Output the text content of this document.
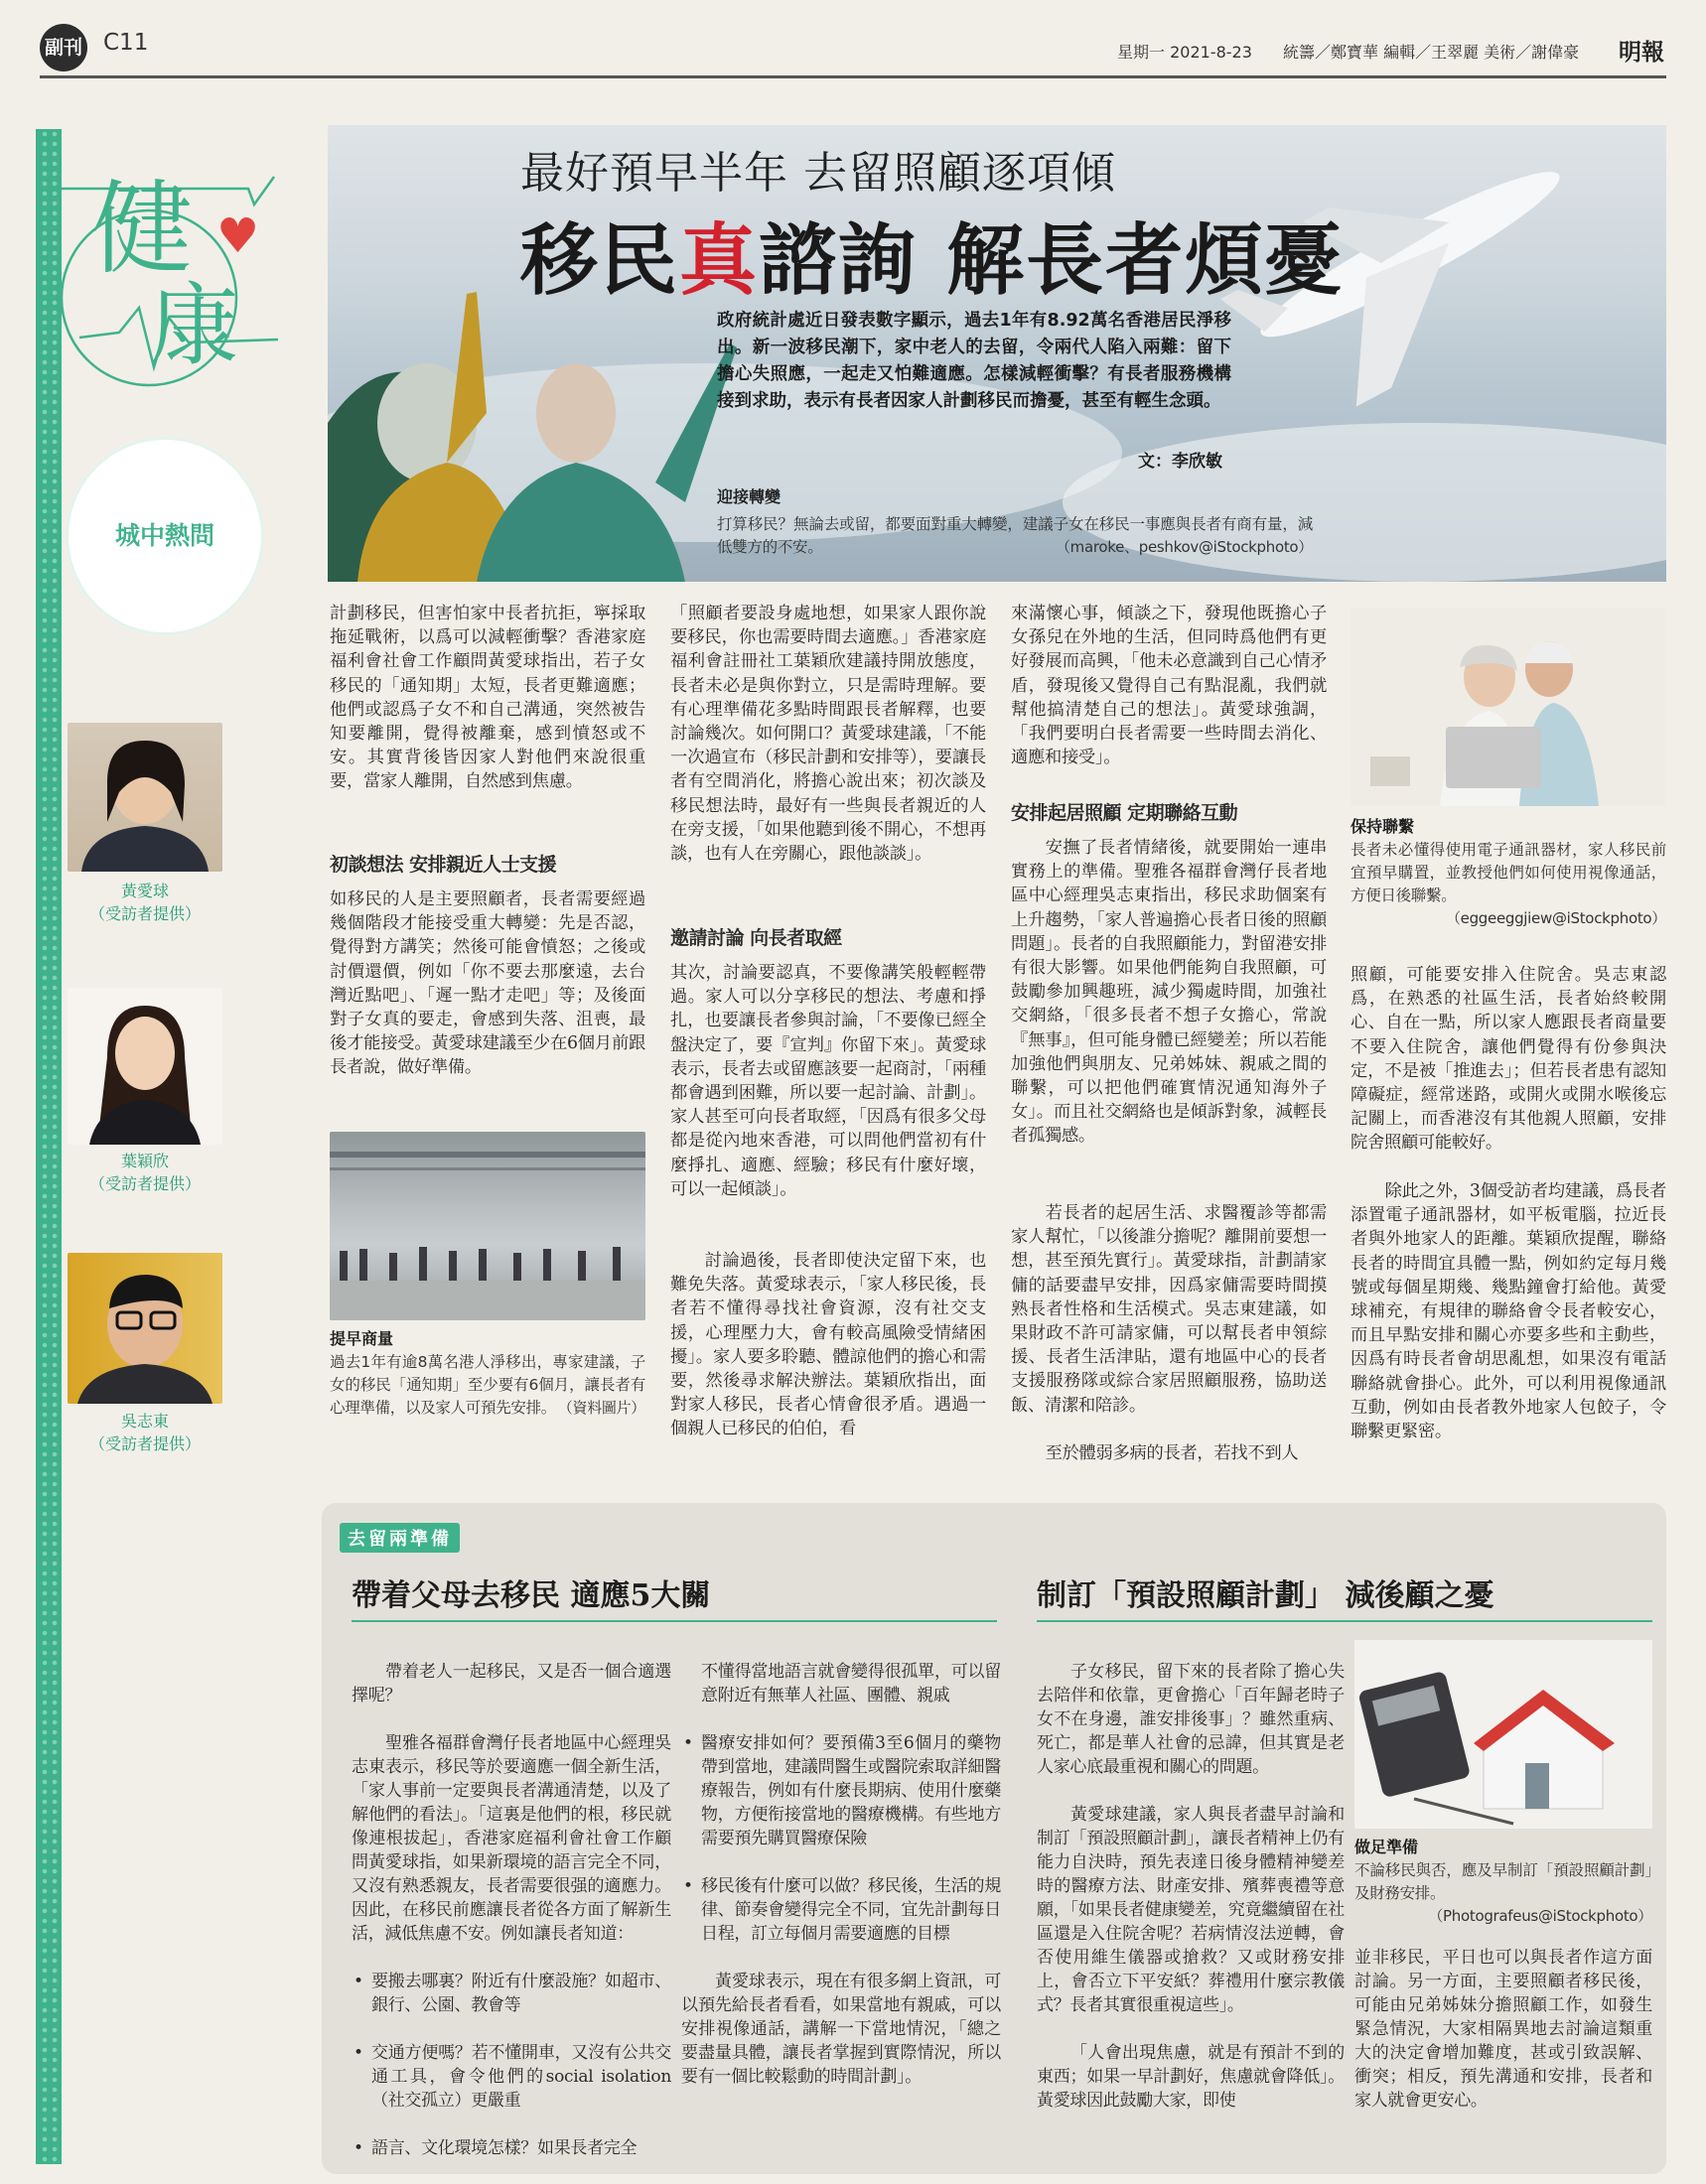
副刊 C11	星期一 2021-8-23 統籌／鄭寶華 編輯／王翠麗 美術／謝偉豪 明報
健 ♥
康
城中熱問
黃愛球
（受訪者提供）
葉穎欣
（受訪者提供）
吳志東
（受訪者提供）
最好預早半年 去留照顧逐項傾
移民真諮詢 解長者煩憂
政府統計處近日發表數字顯示，過去1年有8.92萬名香港居民淨移出。新一波移民潮下，家中老人的去留，令兩代人陷入兩難：留下擔心失照應，一起走又怕難適應。怎樣減輕衝擊？有長者服務機構接到求助，表示有長者因家人計劃移民而擔憂，甚至有輕生念頭。
文：李欣敏
迎接轉變
打算移民？無論去或留，都要面對重大轉變，建議子女在移民一事應與長者有商有量，減低雙方的不安。	（maroke、peshkov@iStockphoto）
計劃移民，但害怕家中長者抗拒，寧採取拖延戰術，以爲可以減輕衝擊？香港家庭福利會社會工作顧問黃愛球指出，若子女移民的「通知期」太短，長者更難適應；他們或認爲子女不和自己溝通，突然被告知要離開，覺得被離棄，感到憤怒或不安。其實背後皆因家人對他們來說很重要，當家人離開，自然感到焦慮。
初談想法 安排親近人士支援
如移民的人是主要照顧者，長者需要經過幾個階段才能接受重大轉變：先是否認，覺得對方講笑；然後可能會憤怒；之後或討價還價，例如「你不要去那麼遠，去台灣近點吧」、「遲一點才走吧」等；及後面對子女真的要走，會感到失落、沮喪，最後才能接受。黃愛球建議至少在6個月前跟長者說，做好準備。
提早商量
過去1年有逾8萬名港人淨移出，專家建議，子女的移民「通知期」至少要有6個月，讓長者有心理準備，以及家人可預先安排。 （資料圖片）
「照顧者要設身處地想，如果家人跟你說要移民，你也需要時間去適應。」香港家庭福利會註冊社工葉穎欣建議持開放態度，長者未必是與你對立，只是需時理解。要有心理準備花多點時間跟長者解釋，也要討論幾次。如何開口？黃愛球建議，「不能一次過宣布（移民計劃和安排等），要讓長者有空間消化，將擔心說出來；初次談及移民想法時，最好有一些與長者親近的人在旁支援，「如果他聽到後不開心，不想再談，也有人在旁關心，跟他談談」。
邀請討論 向長者取經
其次，討論要認真，不要像講笑般輕輕帶過。家人可以分享移民的想法、考慮和掙扎，也要讓長者參與討論，「不要像已經全盤決定了，要『宣判』你留下來」。黃愛球表示，長者去或留應該要一起商討，「兩種都會遇到困難，所以要一起討論、計劃」。家人甚至可向長者取經，「因爲有很多父母都是從內地來香港，可以問他們當初有什麼掙扎、適應、經驗；移民有什麼好壞，可以一起傾談」。
討論過後，長者即使決定留下來，也難免失落。黃愛球表示，「家人移民後，長者若不懂得尋找社會資源，沒有社交支援，心理壓力大，會有較高風險受情緒困擾」。家人要多聆聽、體諒他們的擔心和需要，然後尋求解決辦法。葉穎欣指出，面對家人移民，長者心情會很矛盾。遇過一個親人已移民的伯伯，看
來滿懷心事，傾談之下，發現他既擔心子女孫兒在外地的生活，但同時爲他們有更好發展而高興，「他未必意識到自己心情矛盾，發現後又覺得自己有點混亂，我們就幫他搞清楚自己的想法」。黃愛球強調，「我們要明白長者需要一些時間去消化、適應和接受」。
安排起居照顧 定期聯絡互動
安撫了長者情緒後，就要開始一連串實務上的準備。聖雅各福群會灣仔長者地區中心經理吳志東指出，移民求助個案有上升趨勢，「家人普遍擔心長者日後的照顧問題」。長者的自我照顧能力，對留港安排有很大影響。如果他們能夠自我照顧，可鼓勵參加興趣班，減少獨處時間，加強社交網絡，「很多長者不想子女擔心，常說『無事』，但可能身體已經變差；所以若能加強他們與朋友、兄弟姊妹、親戚之間的聯繫，可以把他們確實情況通知海外子女」。而且社交網絡也是傾訴對象，減輕長者孤獨感。
若長者的起居生活、求醫覆診等都需家人幫忙，「以後誰分擔呢？離開前要想一想，甚至預先實行」。黃愛球指，計劃請家傭的話要盡早安排，因爲家傭需要時間摸熟長者性格和生活模式。吳志東建議，如果財政不許可請家傭，可以幫長者申領綜援、長者生活津貼，還有地區中心的長者支援服務隊或綜合家居照顧服務，協助送飯、清潔和陪診。
至於體弱多病的長者，若找不到人
保持聯繫
長者未必懂得使用電子通訊器材，家人移民前宜預早購置，並教授他們如何使用視像通話，方便日後聯繫。
（eggeeggjiew@iStockphoto）
照顧，可能要安排入住院舍。吳志東認爲，在熟悉的社區生活，長者始終較開心、自在一點，所以家人應跟長者商量要不要入住院舍，讓他們覺得有份參與決定，不是被「推進去」；但若長者患有認知障礙症，經常迷路，或開火或開水喉後忘記關上，而香港沒有其他親人照顧，安排院舍照顧可能較好。
除此之外，3個受訪者均建議，爲長者添置電子通訊器材，如平板電腦，拉近長者與外地家人的距離。葉穎欣提醒，聯絡長者的時間宜具體一點，例如約定每月幾號或每個星期幾、幾點鐘會打給他。黃愛球補充，有規律的聯絡會令長者較安心，而且早點安排和關心亦要多些和主動些，因爲有時長者會胡思亂想，如果沒有電話聯絡就會掛心。此外，可以利用視像通訊互動，例如由長者教外地家人包餃子，令聯繫更緊密。
去留兩準備
帶着父母去移民 適應5大關

帶着老人一起移民，又是否一個合適選擇呢？

聖雅各福群會灣仔長者地區中心經理吳志東表示，移民等於要適應一個全新生活，「家人事前一定要與長者溝通清楚，以及了解他們的看法」。「這裏是他們的根，移民就像連根拔起」，香港家庭福利會社會工作顧問黃愛球指，如果新環境的語言完全不同，又沒有熟悉親友，長者需要很强的適應力。因此，在移民前應讓長者從各方面了解新生活，減低焦慮不安。例如讓長者知道：

• 要搬去哪裏？附近有什麼設施？如超市、銀行、公園、教會等

• 交通方便嗎？若不懂開車，又沒有公共交通工具，會令他們的social isolation（社交孤立）更嚴重

• 語言、文化環境怎樣？如果長者完全

不懂得當地語言就會變得很孤單，可以留意附近有無華人社區、團體、親戚

• 醫療安排如何？要預備3至6個月的藥物帶到當地，建議問醫生或醫院索取詳細醫療報告，例如有什麼長期病、使用什麼藥物，方便衔接當地的醫療機構。有些地方需要預先購買醫療保險

• 移民後有什麼可以做？移民後，生活的規律、節奏會變得完全不同，宜先計劃每日日程，訂立每個月需要適應的目標

黃愛球表示，現在有很多網上資訊，可以預先給長者看看，如果當地有親戚，可以安排視像通話，講解一下當地情況，「總之要盡量具體，讓長者掌握到實際情況，所以要有一個比較鬆動的時間計劃」。

制訂「預設照顧計劃」 減後顧之憂

子女移民，留下來的長者除了擔心失去陪伴和依靠，更會擔心「百年歸老時子女不在身邊，誰安排後事」？雖然重病、死亡，都是華人社會的忌諱，但其實是老人家心底最重視和關心的問題。

黃愛球建議，家人與長者盡早討論和制訂「預設照顧計劃」，讓長者精神上仍有能力自決時，預先表達日後身體精神變差時的醫療方法、財產安排、殯葬喪禮等意願，「如果長者健康變差，究竟繼續留在社區還是入住院舍呢？若病情沒法逆轉，會否使用維生儀器或搶救？又或財務安排上，會否立下平安紙？葬禮用什麼宗教儀式？長者其實很重視這些」。

「人會出現焦慮，就是有預計不到的東西；如果一早計劃好，焦慮就會降低」。黃愛球因此鼓勵大家，即使

做足準備
不論移民與否，應及早制訂「預設照顧計劃」及財務安排。
（Photografeus@iStockphoto）
並非移民，平日也可以與長者作這方面討論。另一方面，主要照顧者移民後，可能由兄弟姊妹分擔照顧工作，如發生緊急情況，大家相隔異地去討論這類重大的決定會增加難度，甚或引致誤解、衝突；相反，預先溝通和安排，長者和家人就會更安心。
